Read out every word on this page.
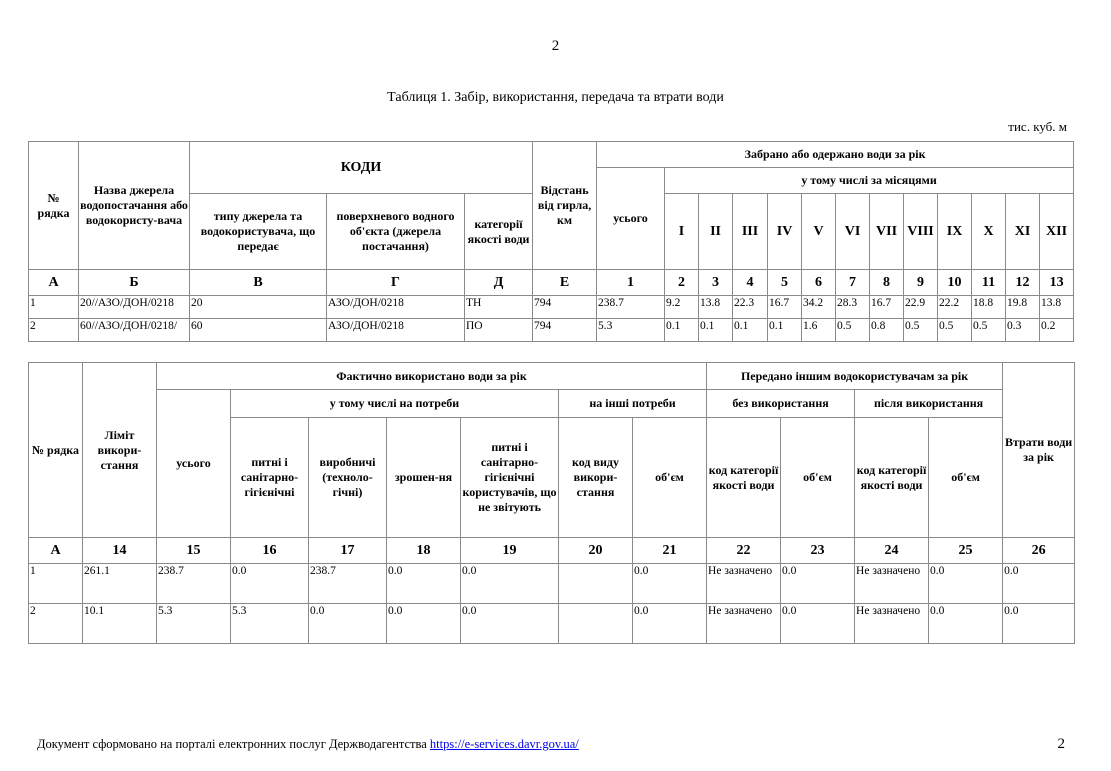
2
Таблиця 1. Забір, використання, передача та втрати води
тис. куб. м
№ рядка	Назва джерела водопостачання або водокористу-вача	КОДИ			Відстань від гирла, км	Забрано або одержано води за рік												
						усього	у тому числі за місяцями											
		типу джерела та водокористувача, що передає	поверхневого водного об'єкта (джерела постачання)	категорії якості води			I	II	III	IV	V	VI	VII	VIII	IX	X	XI	XII
А	Б	В	Г	Д	Е	1	2	3	4	5	6	7	8	9	10	11	12	13
1	20//АЗО/ДОН/0218	20	АЗО/ДОН/0218	ТН	794	238.7	9.2	13.8	22.3	16.7	34.2	28.3	16.7	22.9	22.2	18.8	19.8	13.8
2	60//АЗО/ДОН/0218/	60	АЗО/ДОН/0218	ПО	794	5.3	0.1	0.1	0.1	0.1	1.6	0.5	0.8	0.5	0.5	0.5	0.3	0.2
№ рядка	Ліміт викори-стання	Фактично використано води за рік							Передано іншим водокористувачам за рік				Втрати води за рік
		усього	у тому числі на потреби				на інші потреби		без використання		після використання		
			питні і санітарно-гігієнічні	виробничі (техноло-гічні)	зрошен-ня	питні і санітарно-гігієнічні користувачів, що не звітують	код виду викори-стання	об'єм	код категорії якості води	об'єм	код категорії якості води	об'єм	
А	14	15	16	17	18	19	20	21	22	23	24	25	26
1	261.1	238.7	0.0	238.7	0.0	0.0		0.0	Не зазначено	0.0	Не зазначено	0.0	0.0
2	10.1	5.3	5.3	0.0	0.0	0.0		0.0	Не зазначено	0.0	Не зазначено	0.0	0.0
Документ сформовано на порталі електронних послуг Держводагентства https://e-services.davr.gov.ua/	2
